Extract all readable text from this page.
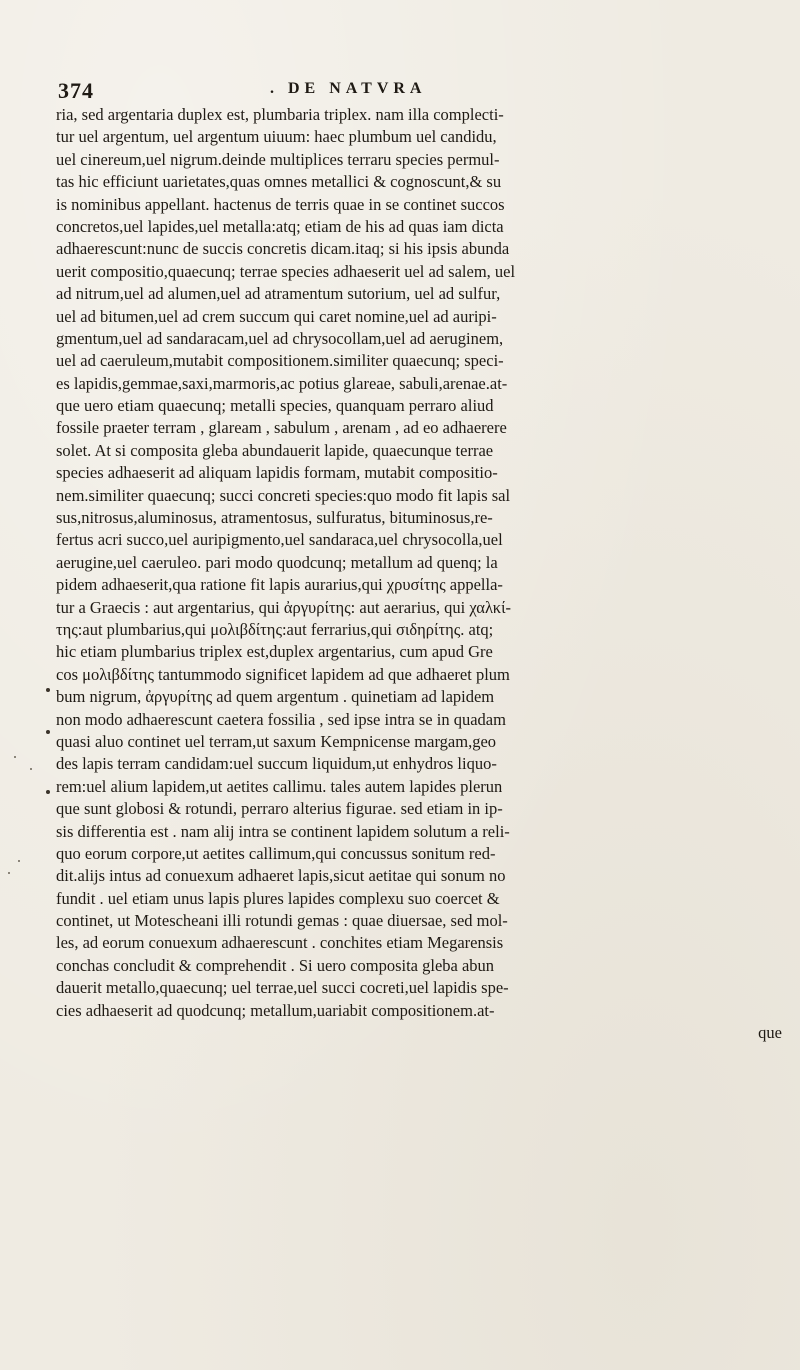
374	. DE NATVRA
ria, sed argentaria duplex est, plumbaria triplex. nam illa complecti-
tur uel argentum, uel argentum uiuum: haec plumbum uel candidu,
uel cinereum,uel nigrum.deinde multiplices terraru species permul-
tas hic efficiunt uarietates,quas omnes metallici & cognoscunt,& su
is nominibus appellant. hactenus de terris quae in se continet succos
concretos,uel lapides,uel metalla:atq; etiam de his ad quas iam dicta
adhaerescunt:nunc de succis concretis dicam.itaq; si his ipsis abunda
uerit compositio,quaecunq; terrae species adhaeserit uel ad salem, uel
ad nitrum,uel ad alumen,uel ad atramentum sutorium, uel ad sulfur,
uel ad bitumen,uel ad crem succum qui caret nomine,uel ad auripi-
gmentum,uel ad sandaracam,uel ad chrysocollam,uel ad aeruginem,
uel ad caeruleum,mutabit compositionem.similiter quaecunq; speci-
es lapidis,gemmae,saxi,marmoris,ac potius glareae, sabuli,arenae.at-
que uero etiam quaecunq; metalli species, quanquam perraro aliud
fossile praeter terram , glaream , sabulum , arenam , ad eo adhaerere
solet. At si composita gleba abundauerit lapide, quaecunque terrae
species adhaeserit ad aliquam lapidis formam, mutabit compositio-
nem.similiter quaecunq; succi concreti species:quo modo fit lapis sal
sus,nitrosus,aluminosus, atramentosus, sulfuratus, bituminosus,re-
fertus acri succo,uel auripigmento,uel sandaraca,uel chrysocolla,uel
aerugine,uel caeruleo. pari modo quodcunq; metallum ad quenq; la
pidem adhaeserit,qua ratione fit lapis aurarius,qui χρυσίτης appella-
tur a Graecis : aut argentarius, qui ἀργυρίτης: aut aerarius, qui χαλκί-
της:aut plumbarius,qui μολιβδίτης:aut ferrarius,qui σιδηρίτης. atq;
hic etiam plumbarius triplex est,duplex argentarius, cum apud Gre
cos μολιβδίτης tantummodo significet lapidem ad que adhaeret plum
bum nigrum, ἀργυρίτης ad quem argentum . quinetiam ad lapidem
non modo adhaerescunt caetera fossilia , sed ipse intra se in quadam
quasi aluo continet uel terram,ut saxum Kempnicense margam,geo
des lapis terram candidam:uel succum liquidum,ut enhydros liquo-
rem:uel alium lapidem,ut aetites callimu. tales autem lapides plerun
que sunt globosi & rotundi, perraro alterius figurae. sed etiam in ip-
sis differentia est . nam alij intra se continent lapidem solutum a reli-
quo eorum corpore,ut aetites callimum,qui concussus sonitum red-
dit.alijs intus ad conuexum adhaeret lapis,sicut aetitae qui sonum no
fundit . uel etiam unus lapis plures lapides complexu suo coercet &
continet, ut Motescheani illi rotundi gemas : quae diuersae, sed mol-
les, ad eorum conuexum adhaerescunt . conchites etiam Megarensis
conchas concludit & comprehendit . Si uero composita gleba abun
dauerit metallo,quaecunq; uel terrae,uel succi cocreti,uel lapidis spe-
cies adhaeserit ad quodcunq; metallum,uariabit compositionem.at-
que
